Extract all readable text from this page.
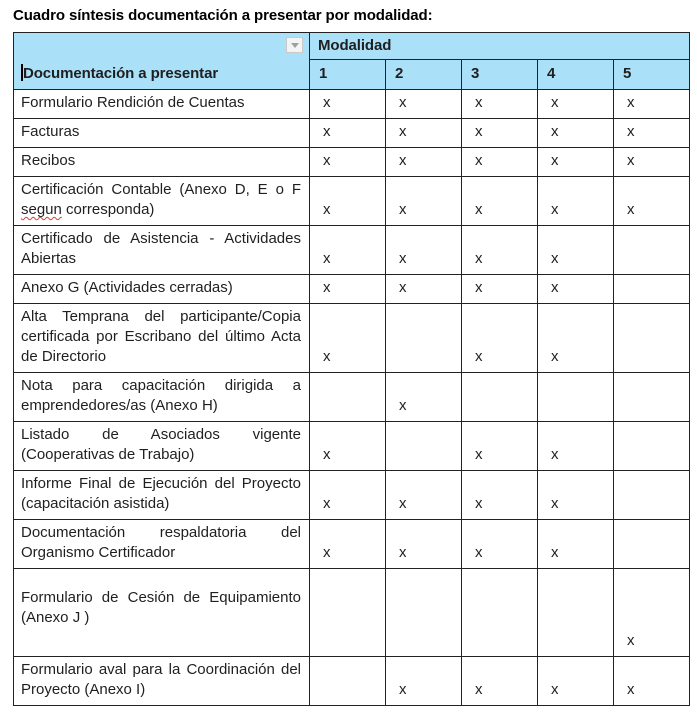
Cuadro síntesis documentación a presentar por modalidad:
Documentación a presentar	Modalidad				
	1	2	3	4	5
Formulario Rendición de Cuentas	x	x	x	x	x
Facturas	x	x	x	x	x
Recibos	x	x	x	x	x
Certificación Contable (Anexo D, E o F segun corresponda)	x	x	x	x	x
Certificado de Asistencia - Actividades Abiertas	x	x	x	x	
Anexo G (Actividades cerradas)	x	x	x	x	
Alta Temprana del participante/Copia certificada por Escribano del último Acta de Directorio	x		x	x	
Nota para capacitación dirigida a emprendedores/as (Anexo H)		x			
Listado de Asociados vigente (Cooperativas de Trabajo)	x		x	x	
Informe Final de Ejecución del Proyecto (capacitación asistida)	x	x	x	x	
Documentación respaldatoria del Organismo Certificador	x	x	x	x	
Formulario de Cesión de Equipamiento (Anexo J )					x
Formulario aval para la Coordinación del Proyecto (Anexo I)		x	x	x	x
